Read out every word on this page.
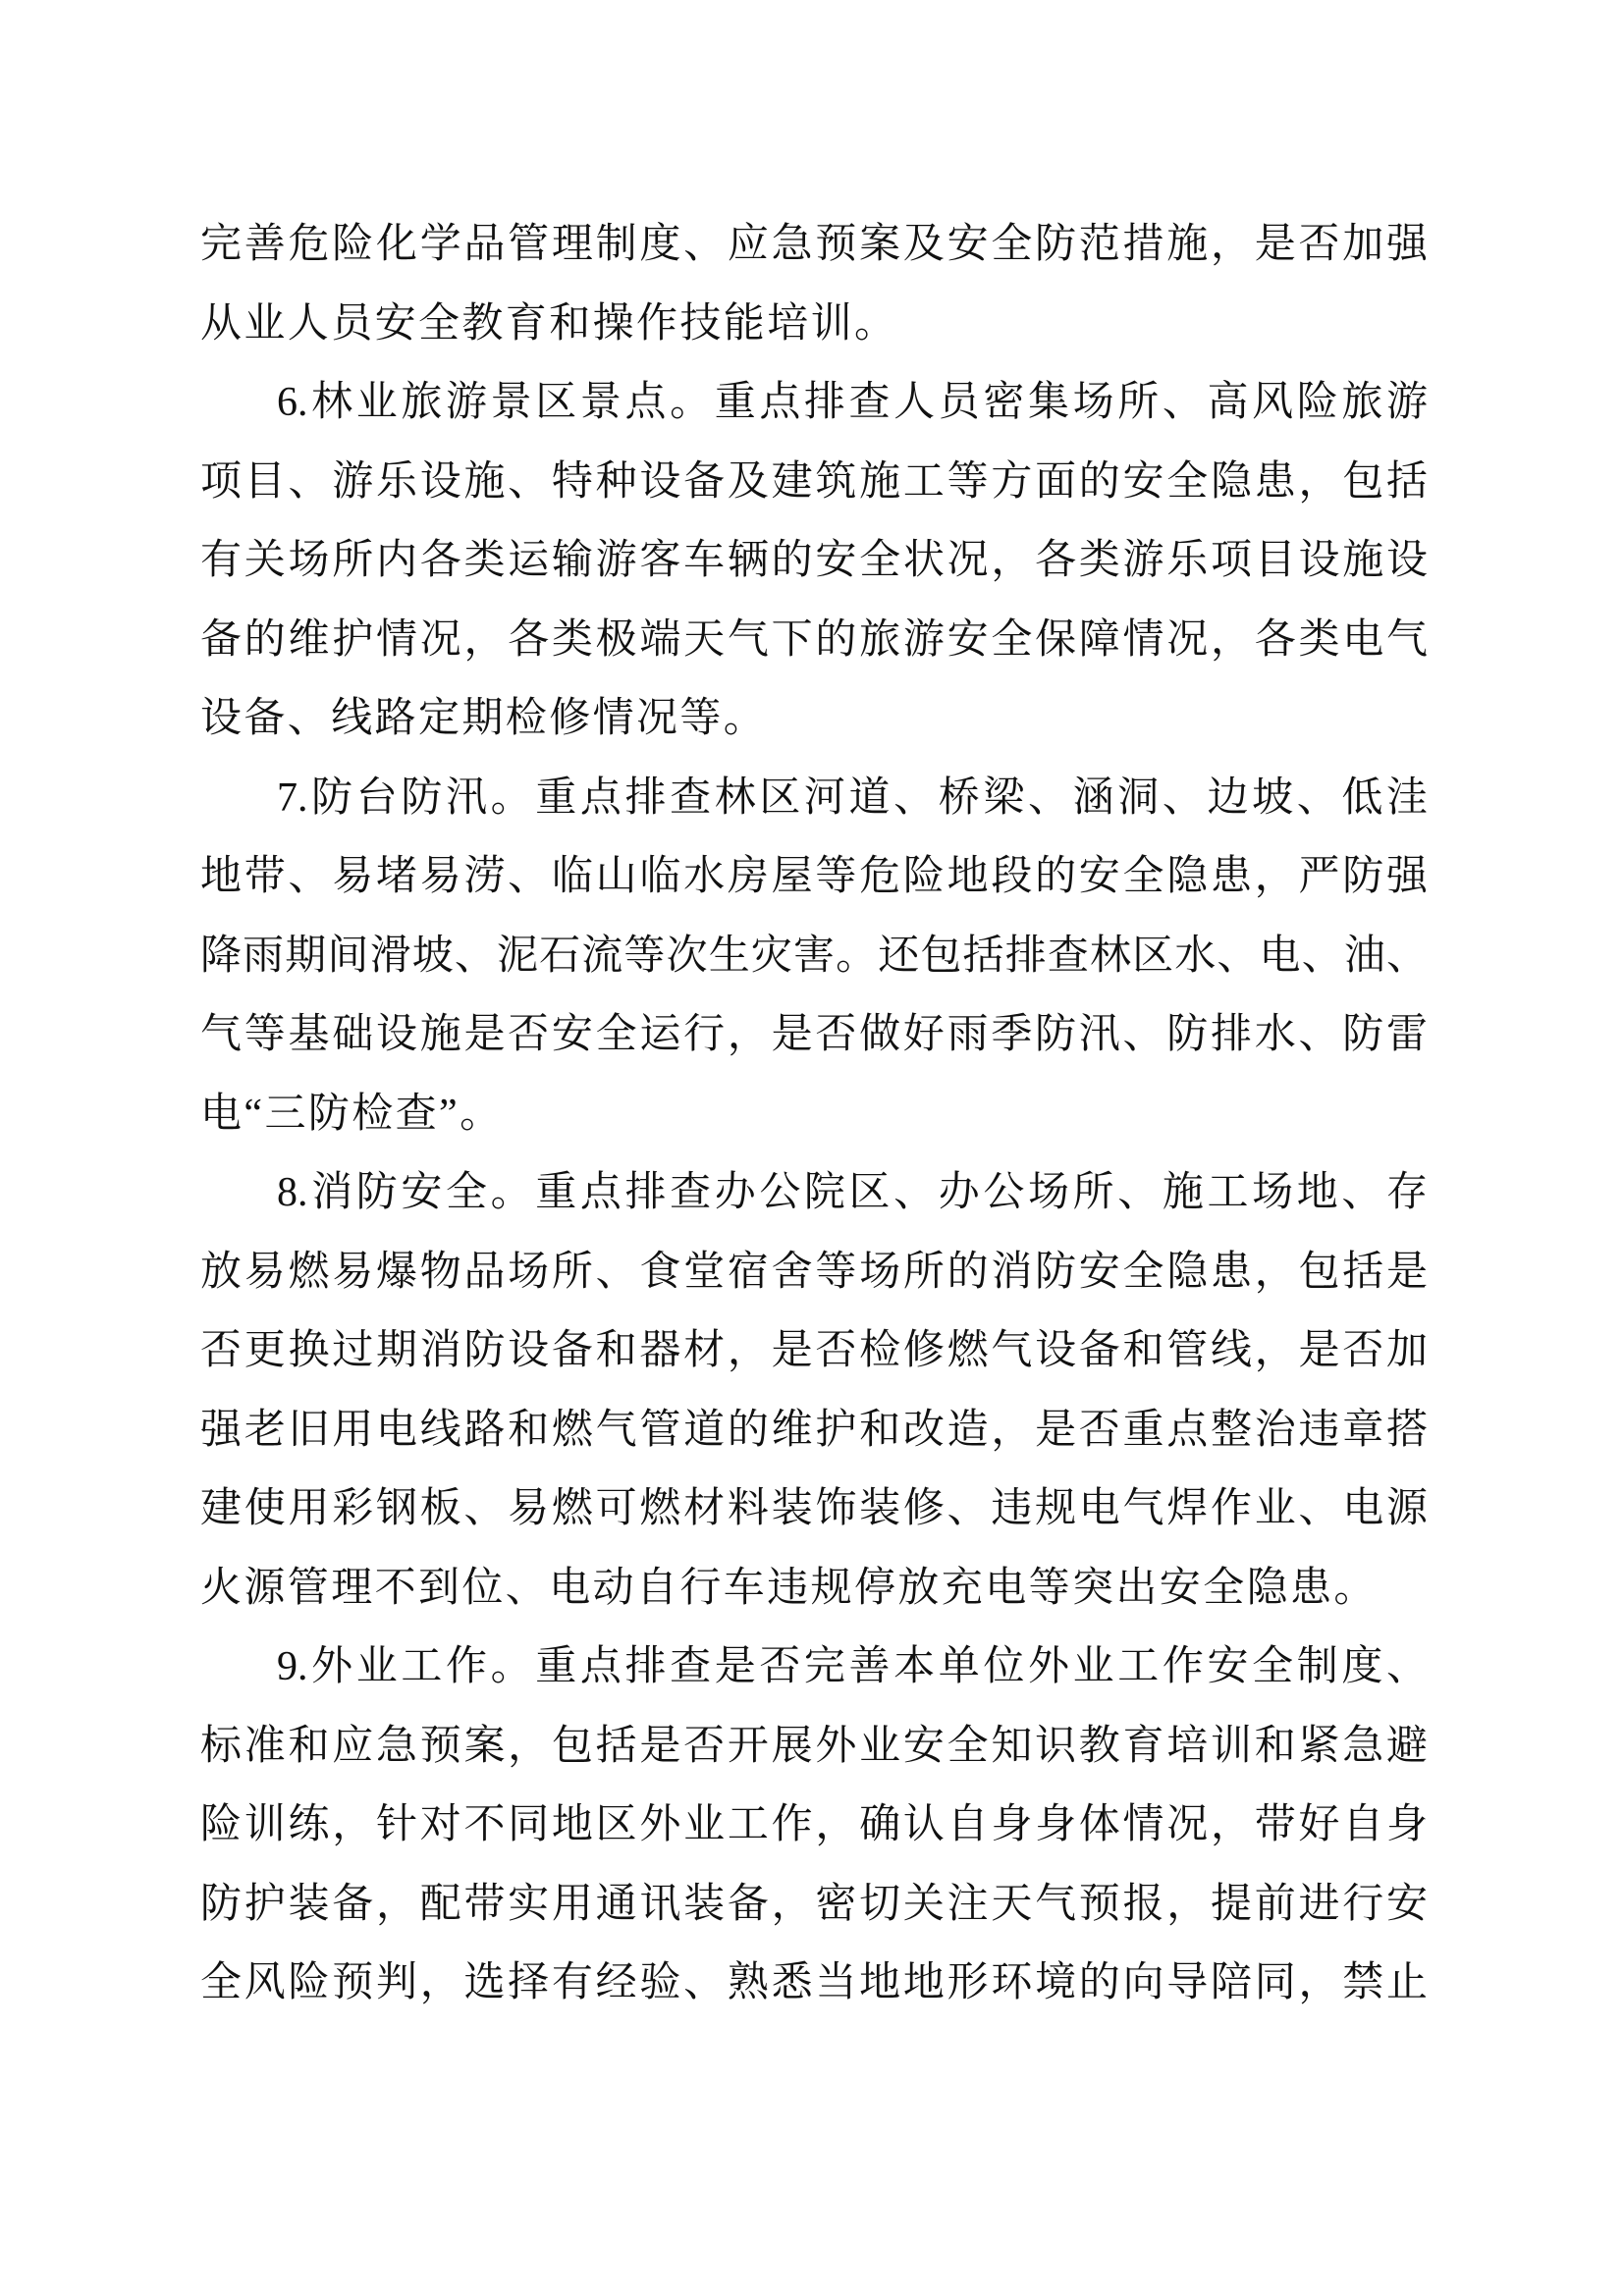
完善危险化学品管理制度、应急预案及安全防范措施，是否加强
从业人员安全教育和操作技能培训。
6.林业旅游景区景点。重点排查人员密集场所、高风险旅游
项目、游乐设施、特种设备及建筑施工等方面的安全隐患，包括
有关场所内各类运输游客车辆的安全状况，各类游乐项目设施设
备的维护情况，各类极端天气下的旅游安全保障情况，各类电气
设备、线路定期检修情况等。
7.防台防汛。重点排查林区河道、桥梁、涵洞、边坡、低洼
地带、易堵易涝、临山临水房屋等危险地段的安全隐患，严防强
降雨期间滑坡、泥石流等次生灾害。还包括排查林区水、电、油、
气等基础设施是否安全运行，是否做好雨季防汛、防排水、防雷
电“三防检查”。
8.消防安全。重点排查办公院区、办公场所、施工场地、存
放易燃易爆物品场所、食堂宿舍等场所的消防安全隐患，包括是
否更换过期消防设备和器材，是否检修燃气设备和管线，是否加
强老旧用电线路和燃气管道的维护和改造，是否重点整治违章搭
建使用彩钢板、易燃可燃材料装饰装修、违规电气焊作业、电源
火源管理不到位、电动自行车违规停放充电等突出安全隐患。
9.外业工作。重点排查是否完善本单位外业工作安全制度、
标准和应急预案，包括是否开展外业安全知识教育培训和紧急避
险训练，针对不同地区外业工作，确认自身身体情况，带好自身
防护装备，配带实用通讯装备，密切关注天气预报，提前进行安
全风险预判，选择有经验、熟悉当地地形环境的向导陪同，禁止
